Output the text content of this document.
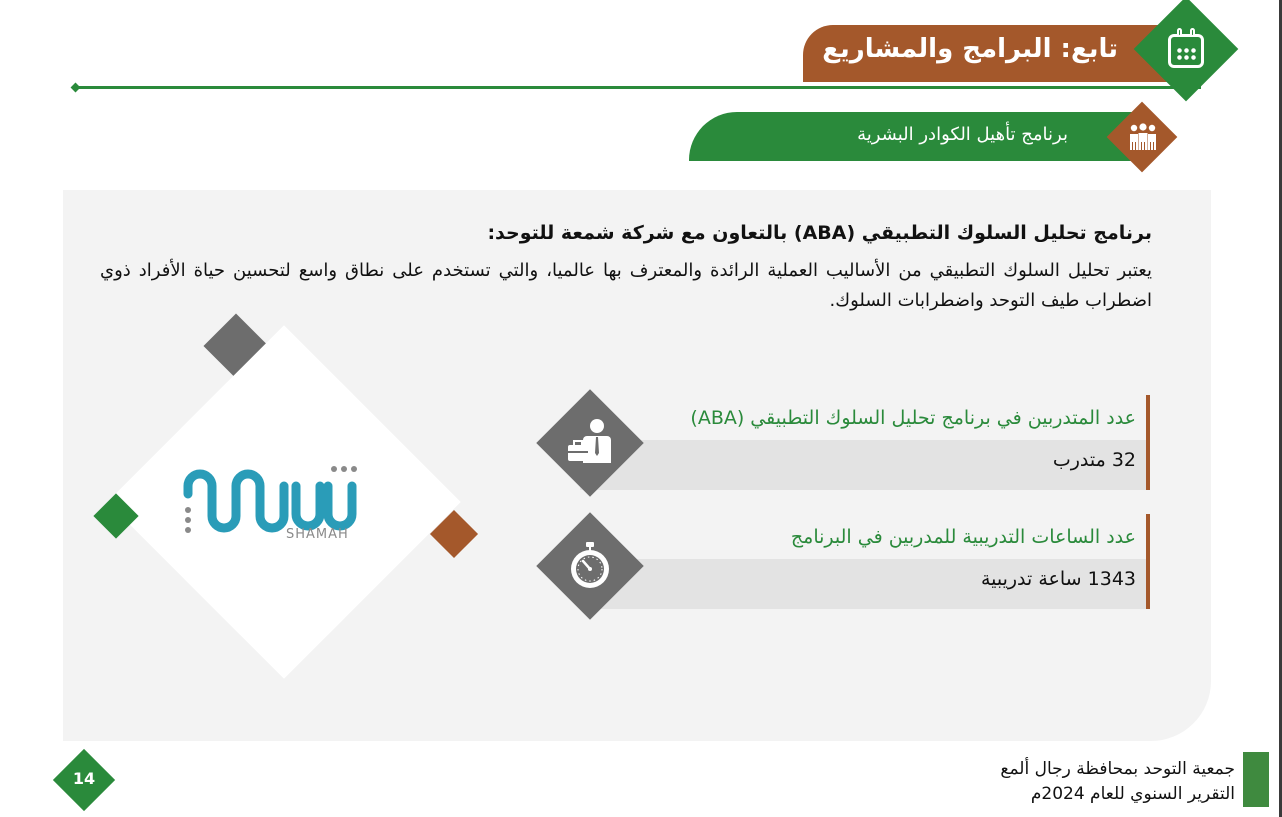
تابع: البرامج والمشاريع
برنامج تأهيل الكوادر البشرية
برنامج تحليل السلوك التطبيقي (ABA) بالتعاون مع شركة شمعة للتوحد:
يعتبر تحليل السلوك التطبيقي من الأساليب العملية الرائدة والمعترف بها عالميا، والتي تستخدم على نطاق واسع لتحسين حياة الأفراد ذوي اضطراب طيف التوحد واضطرابات السلوك.
SHAMAH
عدد المتدربين في برنامج تحليل السلوك التطبيقي (ABA)
32 متدرب
عدد الساعات التدريبية للمدربين في البرنامج
1343 ساعة تدريبية
14	جمعية التوحد بمحافظة رجال ألمع
التقرير السنوي للعام 2024م
